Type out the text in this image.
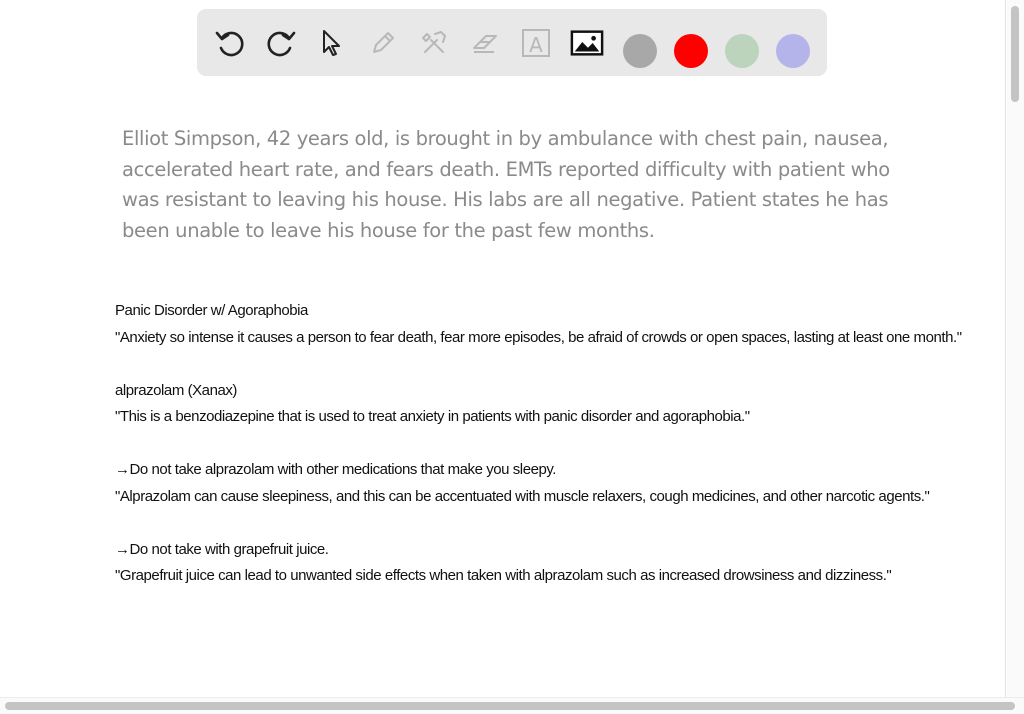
A
Elliot Simpson, 42 years old, is brought in by ambulance with chest pain, nausea, accelerated heart rate, and fears death. EMTs reported difficulty with patient who was resistant to leaving his house. His labs are all negative. Patient states he has been unable to leave his house for the past few months.

Panic Disorder w/ Agoraphobia

"Anxiety so intense it causes a person to fear death, fear more episodes, be afraid of crowds or open spaces, lasting at least one month."

alprazolam (Xanax)

"This is a benzodiazepine that is used to treat anxiety in patients with panic disorder and agoraphobia."

→Do not take alprazolam with other medications that make you sleepy.

"Alprazolam can cause sleepiness, and this can be accentuated with muscle relaxers, cough medicines, and other narcotic agents."

→Do not take with grapefruit juice.

"Grapefruit juice can lead to unwanted side effects when taken with alprazolam such as increased drowsiness and dizziness."
